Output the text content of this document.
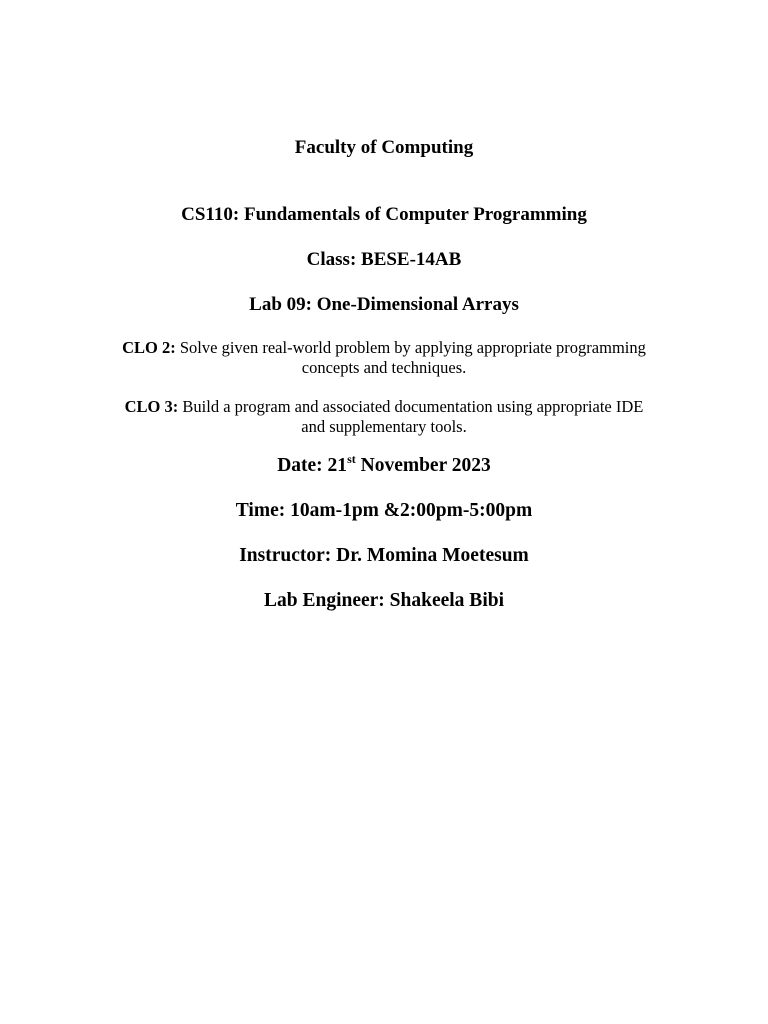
Faculty of Computing
CS110: Fundamentals of Computer Programming
Class: BESE-14AB
Lab 09: One-Dimensional Arrays
CLO 2: Solve given real-world problem by applying appropriate programming
concepts and techniques.
CLO 3: Build a program and associated documentation using appropriate IDE
and supplementary tools.
Date: 21st November 2023
Time: 10am-1pm &2:00pm-5:00pm
Instructor: Dr. Momina Moetesum
Lab Engineer: Shakeela Bibi
